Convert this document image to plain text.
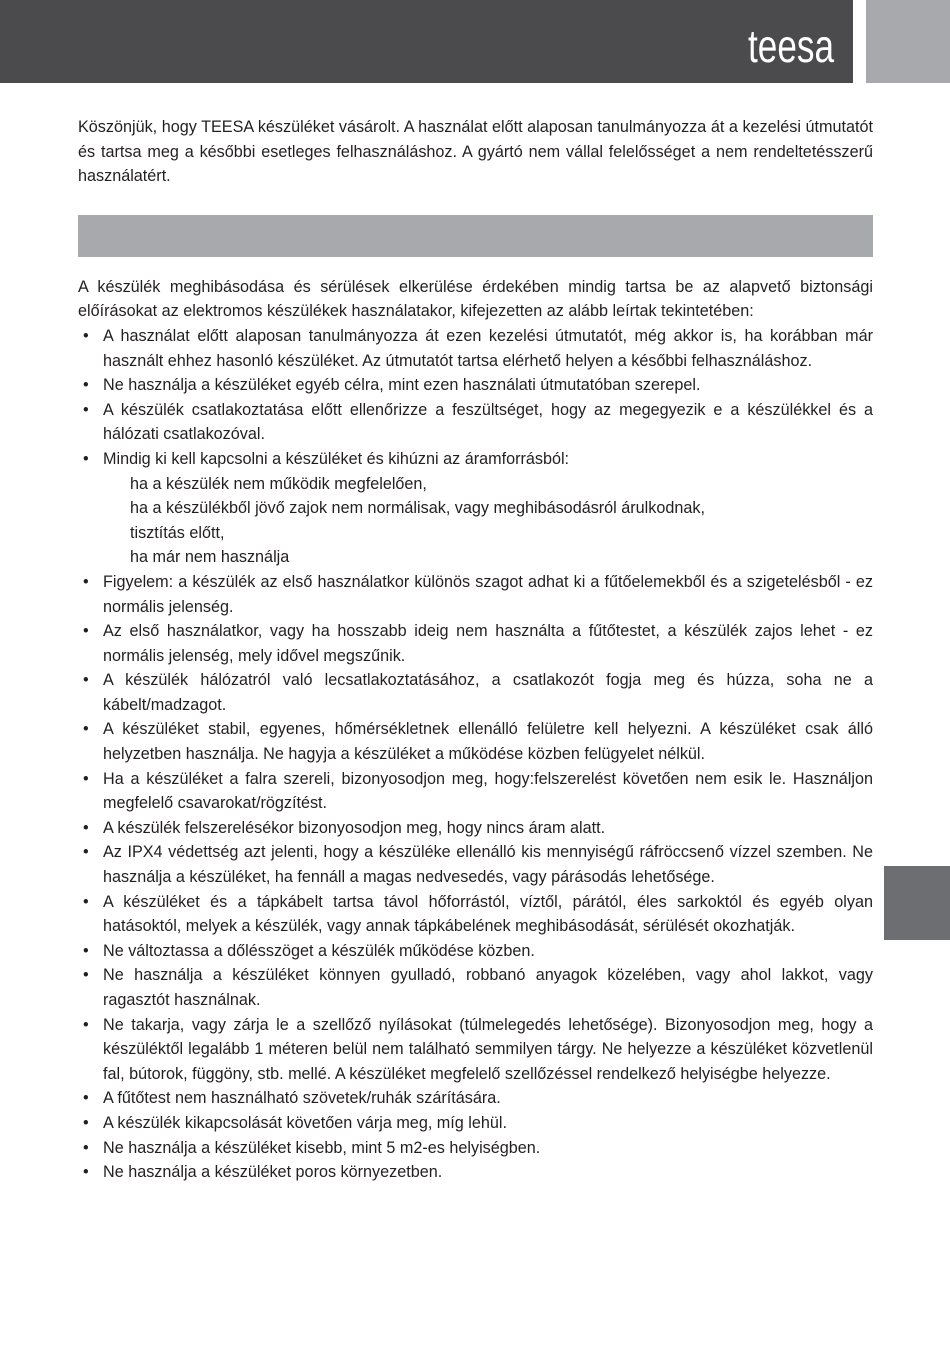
teesa

Köszönjük, hogy TEESA készüléket vásárolt. A használat előtt alaposan tanulmányozza át a kezelési útmutatót és tartsa meg a későbbi esetleges felhasználáshoz. A gyártó nem vállal felelősséget a nem rendeltetésszerű használatért.

A készülék meghibásodása és sérülések elkerülése érdekében mindig tartsa be az alapvető biztonsági előírásokat az elektromos készülékek használatakor, kifejezetten az alább leírtak tekintetében:

• A használat előtt alaposan tanulmányozza át ezen kezelési útmutatót, még akkor is, ha korábban már használt ehhez hasonló készüléket. Az útmutatót tartsa elérhető helyen a későbbi felhasználáshoz.
• Ne használja a készüléket egyéb célra, mint ezen használati útmutatóban szerepel.
• A készülék csatlakoztatása előtt ellenőrizze a feszültséget, hogy az megegyezik e a készülékkel és a hálózati csatlakozóval.
• Mindig ki kell kapcsolni a készüléket és kihúzni az áramforrásból:
ha a készülék nem működik megfelelően,
ha a készülékből jövő zajok nem normálisak, vagy meghibásodásról árulkodnak,
tisztítás előtt,
ha már nem használja
• Figyelem: a készülék az első használatkor különös szagot adhat ki a fűtőelemekből és a szigetelésből - ez normális jelenség.
• Az első használatkor, vagy ha hosszabb ideig nem használta a fűtőtestet, a készülék zajos lehet - ez normális jelenség, mely idővel megszűnik.
• A készülék hálózatról való lecsatlakoztatásához, a csatlakozót fogja meg és húzza, soha ne a kábelt/madzagot.
• A készüléket stabil, egyenes, hőmérsékletnek ellenálló felületre kell helyezni. A készüléket csak álló helyzetben használja. Ne hagyja a készüléket a működése közben felügyelet nélkül.
• Ha a készüléket a falra szereli, bizonyosodjon meg, hogy:felszerelést követően nem esik le. Használjon megfelelő csavarokat/rögzítést.
• A készülék felszerelésékor bizonyosodjon meg, hogy nincs áram alatt.
• Az IPX4 védettség azt jelenti, hogy a készüléke ellenálló kis mennyiségű ráfröccsenő vízzel szemben. Ne használja a készüléket, ha fennáll a magas nedvesedés, vagy párásodás lehetősége.
• A készüléket és a tápkábelt tartsa távol hőforrástól, víztől, párától, éles sarkoktól és egyéb olyan hatásoktól, melyek a készülék, vagy annak tápkábelének meghibásodását, sérülését okozhatják.
• Ne változtassa a dőlésszöget a készülék működése közben.
• Ne használja a készüléket könnyen gyulladó, robbanó anyagok közelében, vagy ahol lakkot, vagy ragasztót használnak.
• Ne takarja, vagy zárja le a szellőző nyílásokat (túlmelegedés lehetősége). Bizonyosodjon meg, hogy a készüléktől legalább 1 méteren belül nem található semmilyen tárgy. Ne helyezze a készüléket közvetlenül fal, bútorok, függöny, stb. mellé. A készüléket megfelelő szellőzéssel rendelkező helyiségbe helyezze.
• A fűtőtest nem használható szövetek/ruhák szárítására.
• A készülék kikapcsolását követően várja meg, míg lehül.
• Ne használja a készüléket kisebb, mint 5 m2-es helyiségben.
• Ne használja a készüléket poros környezetben.
